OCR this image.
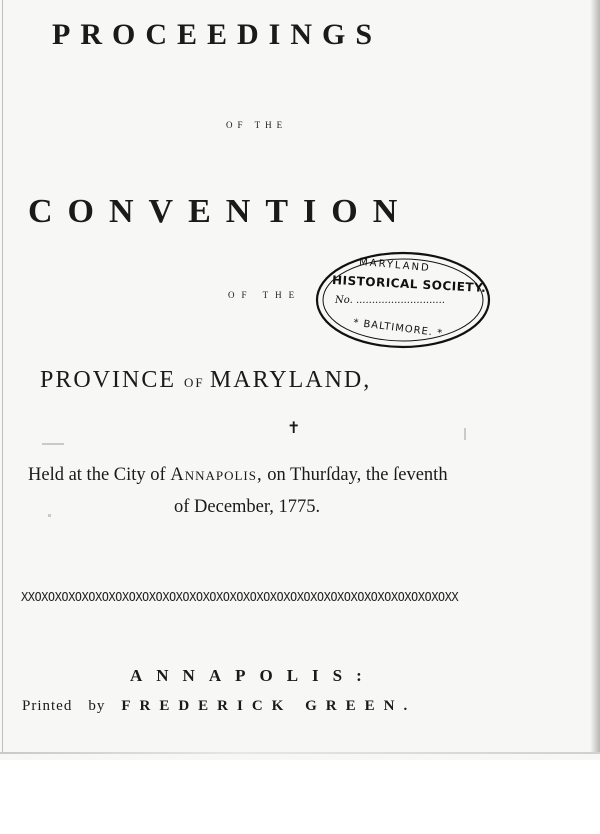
PROCEEDINGS
OF THE
CONVENTION
OF THE
PROVINCE OF MARYLAND,
✝
Held at the City of Annapolis, on Thurſday, the ſeventh
of December, 1775.
XXOXOXOXOXOXOXOXOXOXOXOXOXOXOXOXOXOXOXOXOXOXOXOXOXOXOXOXOXOXOXOXX
ANNAPOLIS:
Printed by FREDERICK GREEN.
MARYLAND
HISTORICAL SOCIETY.
No. ............................
* BALTIMORE. *
